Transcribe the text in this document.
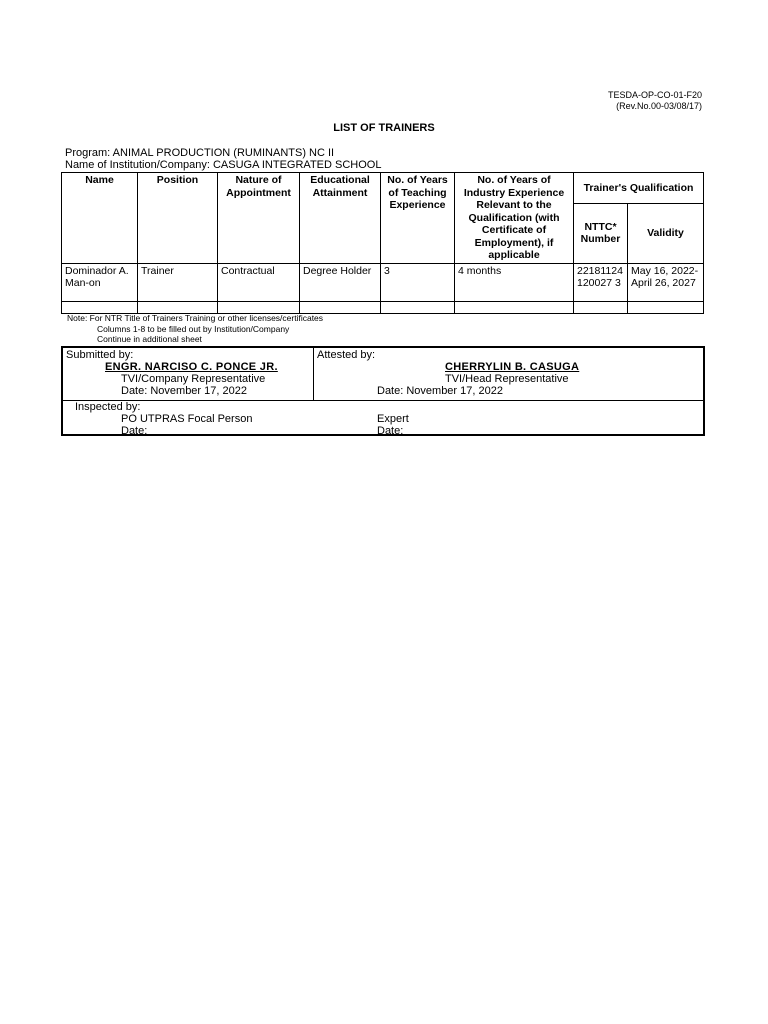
TESDA-OP-CO-01-F20
(Rev.No.00-03/08/17)
LIST OF TRAINERS
Program: ANIMAL PRODUCTION (RUMINANTS) NC II
Name of Institution/Company: CASUGA INTEGRATED SCHOOL
Name	Position	Nature of Appointment	Educational Attainment	No. of Years of Teaching Experience	No. of Years of Industry Experience Relevant to the Qualification (with Certificate of Employment), if applicable	Trainer's Qualification	
						NTTC* Number	Validity
Dominador A. Man-on	Trainer	Contractual	Degree Holder	3	4 months	22181124120027 3	May 16, 2022-April 26, 2027

Note: For NTR Title of Trainers Training or other licenses/certificates
Columns 1-8 to be filled out by Institution/Company
Continue in additional sheet
Submitted by:
ENGR. NARCISO C. PONCE JR.
TVI/Company Representative
Date: November 17, 2022
Attested by:
CHERRYLIN B. CASUGA
TVI/Head Representative
Date: November 17, 2022
Inspected by:
PO UTPRAS Focal Person
Date:
Expert
Date:
